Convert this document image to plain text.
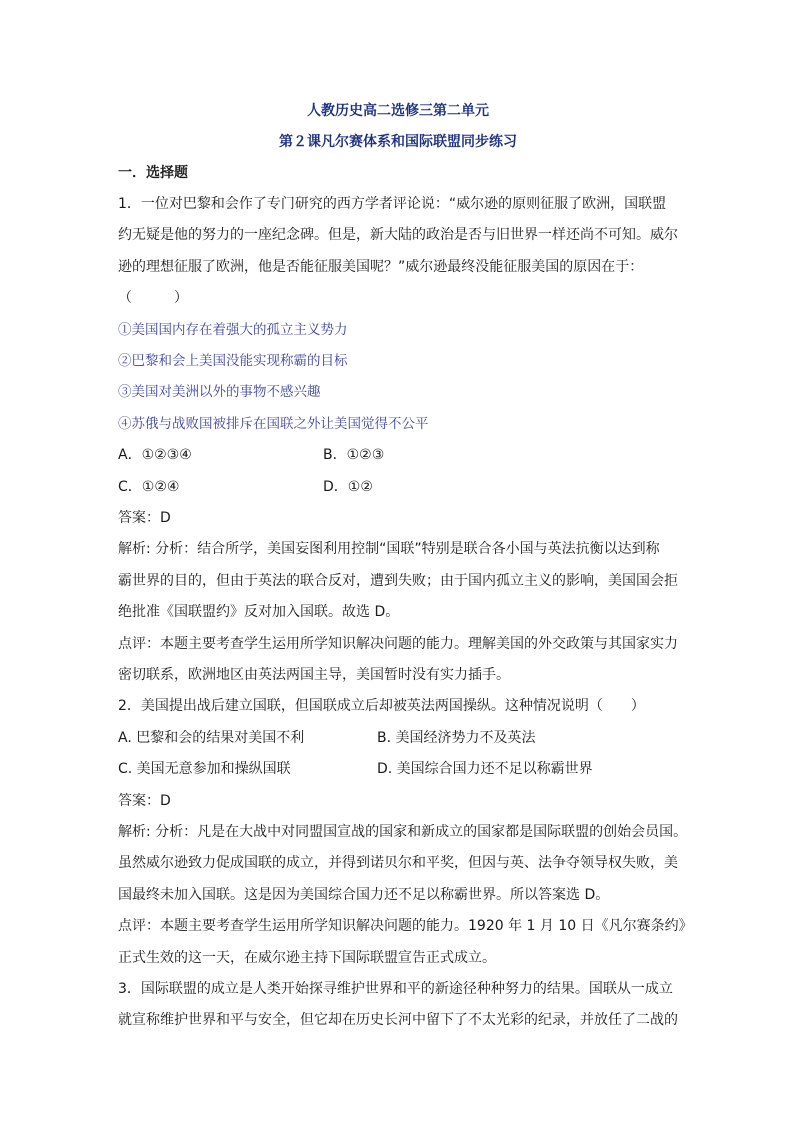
人教历史高二选修三第二单元
第２课凡尔赛体系和国际联盟同步练习
一．选择题
1．一位对巴黎和会作了专门研究的西方学者评论说：“威尔逊的原则征服了欧洲，国联盟
约无疑是他的努力的一座纪念碑。但是，新大陆的政治是否与旧世界一样还尚不可知。威尔
逊的理想征服了欧洲，他是否能征服美国呢？”威尔逊最终没能征服美国的原因在于：
（　　　）
①美国国内存在着强大的孤立主义势力
②巴黎和会上美国没能实现称霸的目标
③美国对美洲以外的事物不感兴趣
④苏俄与战败国被排斥在国联之外让美国觉得不公平
A．①②③④	B．①②③
C．①②④	D．①②
答案：D
解析: 分析：结合所学，美国妄图利用控制“国联”特别是联合各小国与英法抗衡以达到称
霸世界的目的，但由于英法的联合反对，遭到失败；由于国内孤立主义的影响，美国国会拒
绝批准《国联盟约》反对加入国联。故选 D。
点评：本题主要考查学生运用所学知识解决问题的能力。理解美国的外交政策与其国家实力
密切联系，欧洲地区由英法两国主导，美国暂时没有实力插手。
2．美国提出战后建立国联，但国联成立后却被英法两国操纵。这种情况说明（　　）
A. 巴黎和会的结果对美国不利	B. 美国经济势力不及英法
C. 美国无意参加和操纵国联	D. 美国综合国力还不足以称霸世界
答案：D
解析: 分析：凡是在大战中对同盟国宣战的国家和新成立的国家都是国际联盟的创始会员国。
虽然威尔逊致力促成国联的成立，并得到诺贝尔和平奖，但因与英、法争夺领导权失败，美
国最终未加入国联。这是因为美国综合国力还不足以称霸世界。所以答案选 D。
点评：本题主要考查学生运用所学知识解决问题的能力。1920 年 1 月 10 日《凡尔赛条约》
正式生效的这一天，在威尔逊主持下国际联盟宣告正式成立。
3．国际联盟的成立是人类开始探寻维护世界和平的新途径种种努力的结果。国联从一成立
就宣称维护世界和平与安全，但它却在历史长河中留下了不太光彩的纪录，并放任了二战的
